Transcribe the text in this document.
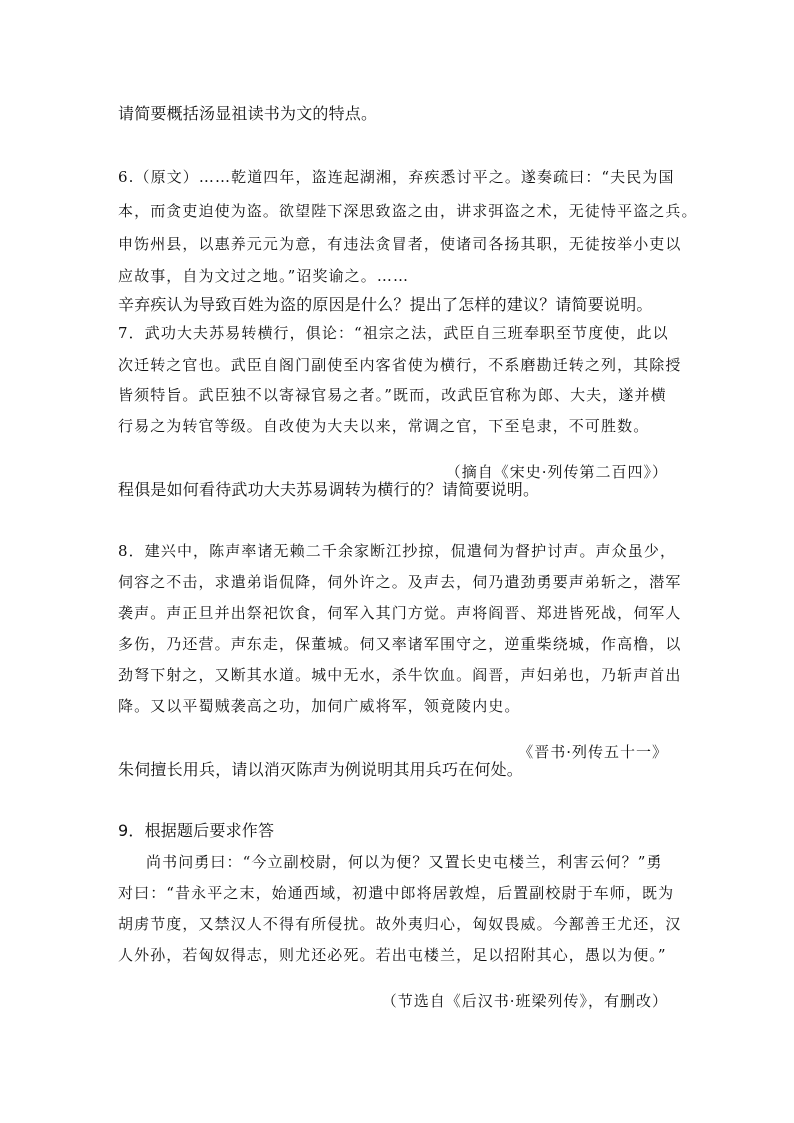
请简要概括汤显祖读书为文的特点。

6.（原文）……乾道四年，盗连起湖湘，弃疾悉讨平之。遂奏疏曰：“夫民为国

本，而贪吏迫使为盗。欲望陛下深思致盗之由，讲求弭盗之术，无徒恃平盗之兵。

申饬州县，以惠养元元为意，有违法贪冒者，使诸司各扬其职，无徒按举小吏以

应故事，自为文过之地。”诏奖谕之。……

辛弃疾认为导致百姓为盗的原因是什么？提出了怎样的建议？请简要说明。

7．武功大夫苏易转横行，俱论：“祖宗之法，武臣自三班奉职至节度使，此以

次迁转之官也。武臣自阁门副使至内客省使为横行，不系磨勘迁转之列，其除授

皆须特旨。武臣独不以寄禄官易之者。”既而，改武臣官称为郎、大夫，遂并横

行易之为转官等级。自改使为大夫以来，常调之官，下至皂隶，不可胜数。

（摘自《宋史·列传第二百四》）

程俱是如何看待武功大夫苏易调转为横行的？请简要说明。

8．建兴中，陈声率诸无赖二千余家断江抄掠，侃遣伺为督护讨声。声众虽少，

伺容之不击，求遣弟诣侃降，伺外许之。及声去，伺乃遣劲勇要声弟斩之，潜军

袭声。声正旦并出祭祀饮食，伺军入其门方觉。声将阎晋、郑进皆死战，伺军人

多伤，乃还营。声东走，保董城。伺又率诸军围守之，逆重柴绕城，作高橹，以

劲弩下射之，又断其水道。城中无水，杀牛饮血。阎晋，声妇弟也，乃斩声首出

降。又以平蜀贼袭高之功，加伺广威将军，领竟陵内史。

《晋书·列传五十一》

朱伺擅长用兵，请以消灭陈声为例说明其用兵巧在何处。

9．根据题后要求作答

尚书问勇曰：“今立副校尉，何以为便？又置长史屯楼兰，利害云何？”勇

对曰：“昔永平之末，始通西域，初遣中郎将居敦煌，后置副校尉于车师，既为

胡虏节度，又禁汉人不得有所侵扰。故外夷归心，匈奴畏威。今鄯善王尤还，汉

人外孙，若匈奴得志，则尤还必死。若出屯楼兰，足以招附其心，愚以为便。”

（节选自《后汉书·班梁列传》，有删改）
